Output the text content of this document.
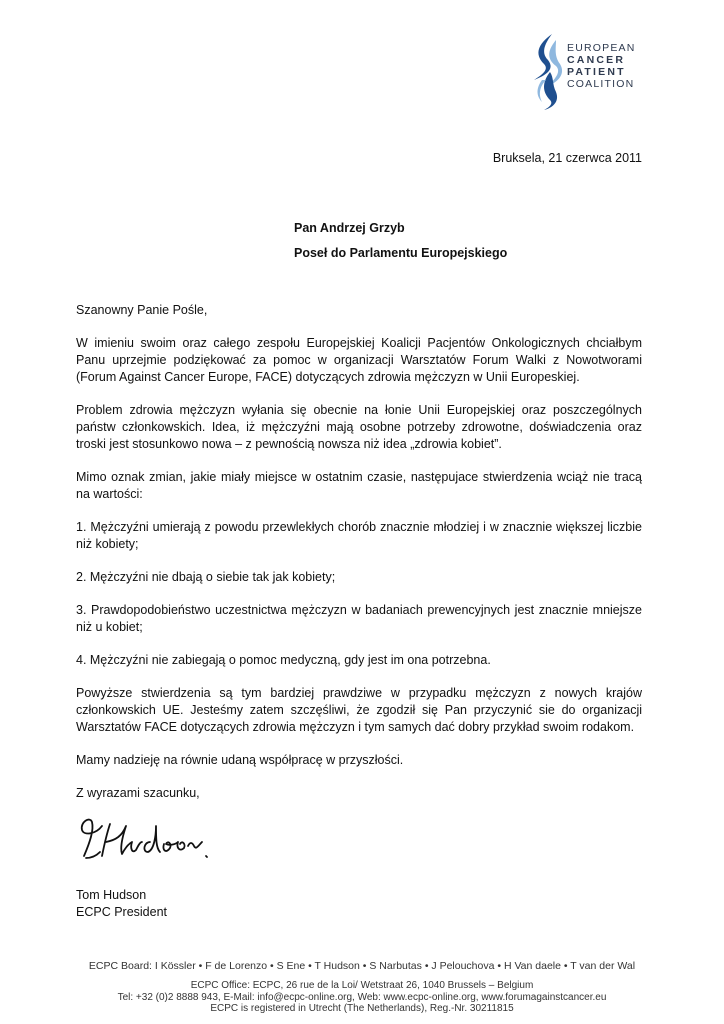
EUROPEAN
CANCER
PATIENT
COALITION
Bruksela, 21 czerwca 2011
Pan Andrzej Grzyb
Poseł do Parlamentu Europejskiego

Szanowny Panie Pośle,

W imieniu swoim oraz całego zespołu Europejskiej Koalicji Pacjentów Onkologicznych chciałbym Panu uprzejmie podziękować za pomoc w organizacji Warsztatów Forum Walki z Nowotworami (Forum Against Cancer Europe, FACE) dotyczących zdrowia mężczyzn w Unii Europeskiej.

Problem zdrowia mężczyzn wyłania się obecnie na łonie Unii Europejskiej oraz poszczególnych państw członkowskich. Idea, iż mężczyźni mają osobne potrzeby zdrowotne, doświadczenia oraz troski jest stosunkowo nowa – z pewnością nowsza niż idea „zdrowia kobiet”.

Mimo oznak zmian, jakie miały miejsce w ostatnim czasie, następujace stwierdzenia wciąż nie tracą na wartości:

1. Mężczyźni umierają z powodu przewlekłych chorób znacznie młodziej i w znacznie większej liczbie niż kobiety;

2. Mężczyźni nie dbają o siebie tak jak kobiety;

3. Prawdopodobieństwo uczestnictwa mężczyzn w badaniach prewencyjnych jest znacznie mniejsze niż u kobiet;

4. Mężczyźni nie zabiegają o pomoc medyczną, gdy jest im ona potrzebna.

Powyższe stwierdzenia są tym bardziej prawdziwe w przypadku mężczyzn z nowych krajów członkowskich UE. Jesteśmy zatem szczęśliwi, że zgodził się Pan przyczynić sie do organizacji Warsztatów FACE dotyczących zdrowia mężczyzn i tym samych dać dobry przykład swoim rodakom.

Mamy nadzieję na równie udaną współpracę w przyszłości.

Z wyrazami szacunku,

Tom Hudson
ECPC President
ECPC Board: I Kössler • F de Lorenzo • S Ene • T Hudson • S Narbutas • J Pelouchova • H Van daele • T van der Wal
ECPC Office: ECPC, 26 rue de la Loi/ Wetstraat 26, 1040 Brussels – Belgium
Tel: +32 (0)2 8888 943, E-Mail: info@ecpc-online.org, Web: www.ecpc-online.org, www.forumagainstcancer.eu
ECPC is registered in Utrecht (The Netherlands), Reg.-Nr. 30211815
